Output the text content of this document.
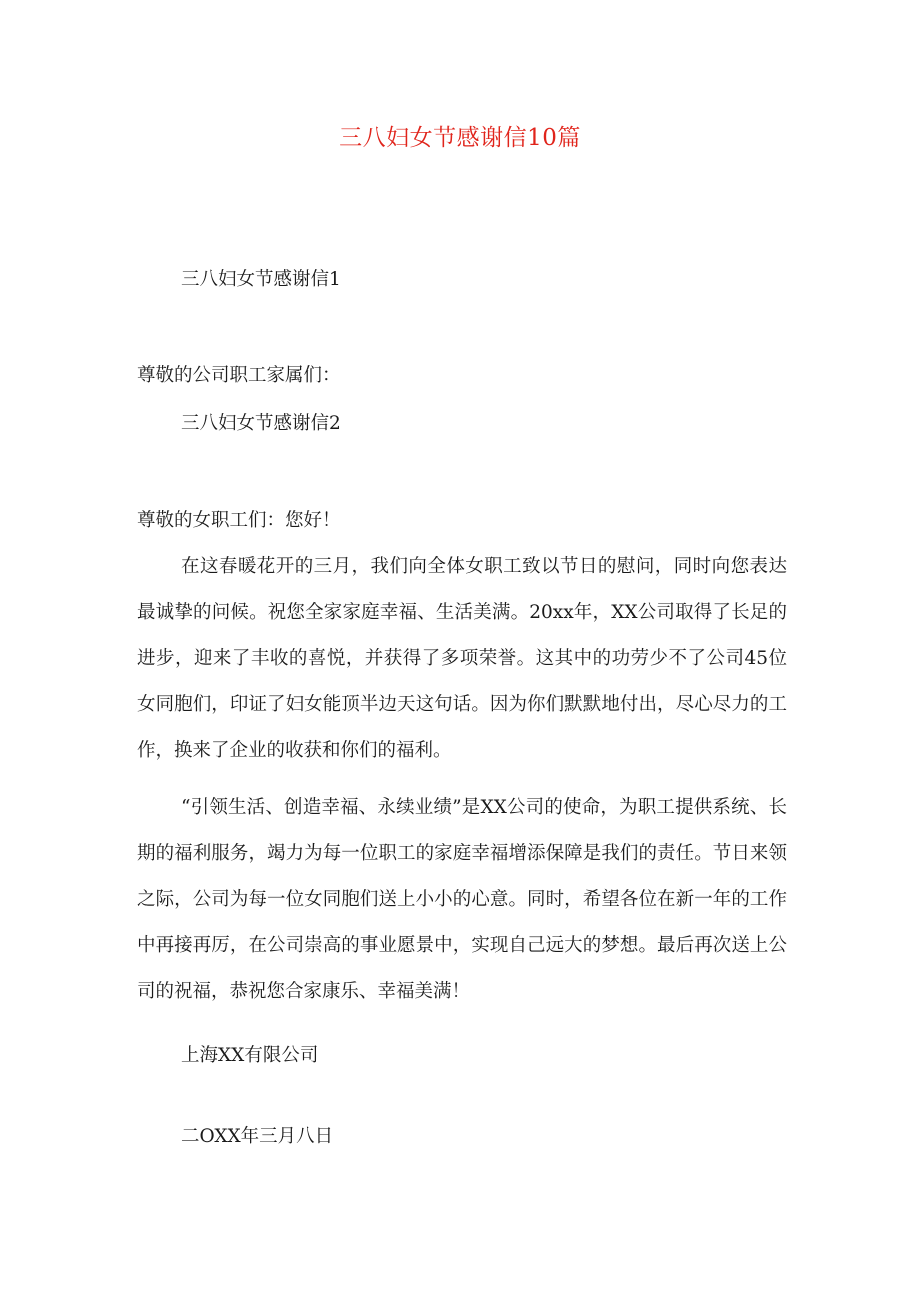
三八妇女节感谢信10篇
三八妇女节感谢信1
尊敬的公司职工家属们：
三八妇女节感谢信2
尊敬的女职工们：您好！
在这春暖花开的三月，我们向全体女职工致以节日的慰问，同时向您表达最诚挚的问候。祝您全家家庭幸福、生活美满。20xx年，XX公司取得了长足的进步，迎来了丰收的喜悦，并获得了多项荣誉。这其中的功劳少不了公司45位女同胞们，印证了妇女能顶半边天这句话。因为你们默默地付出，尽心尽力的工作，换来了企业的收获和你们的福利。
“引领生活、创造幸福、永续业绩”是XX公司的使命，为职工提供系统、长期的福利服务，竭力为每一位职工的家庭幸福增添保障是我们的责任。节日来领之际，公司为每一位女同胞们送上小小的心意。同时，希望各位在新一年的工作中再接再厉，在公司崇高的事业愿景中，实现自己远大的梦想。最后再次送上公司的祝福，恭祝您合家康乐、幸福美满！
上海XX有限公司
二OXX年三月八日
